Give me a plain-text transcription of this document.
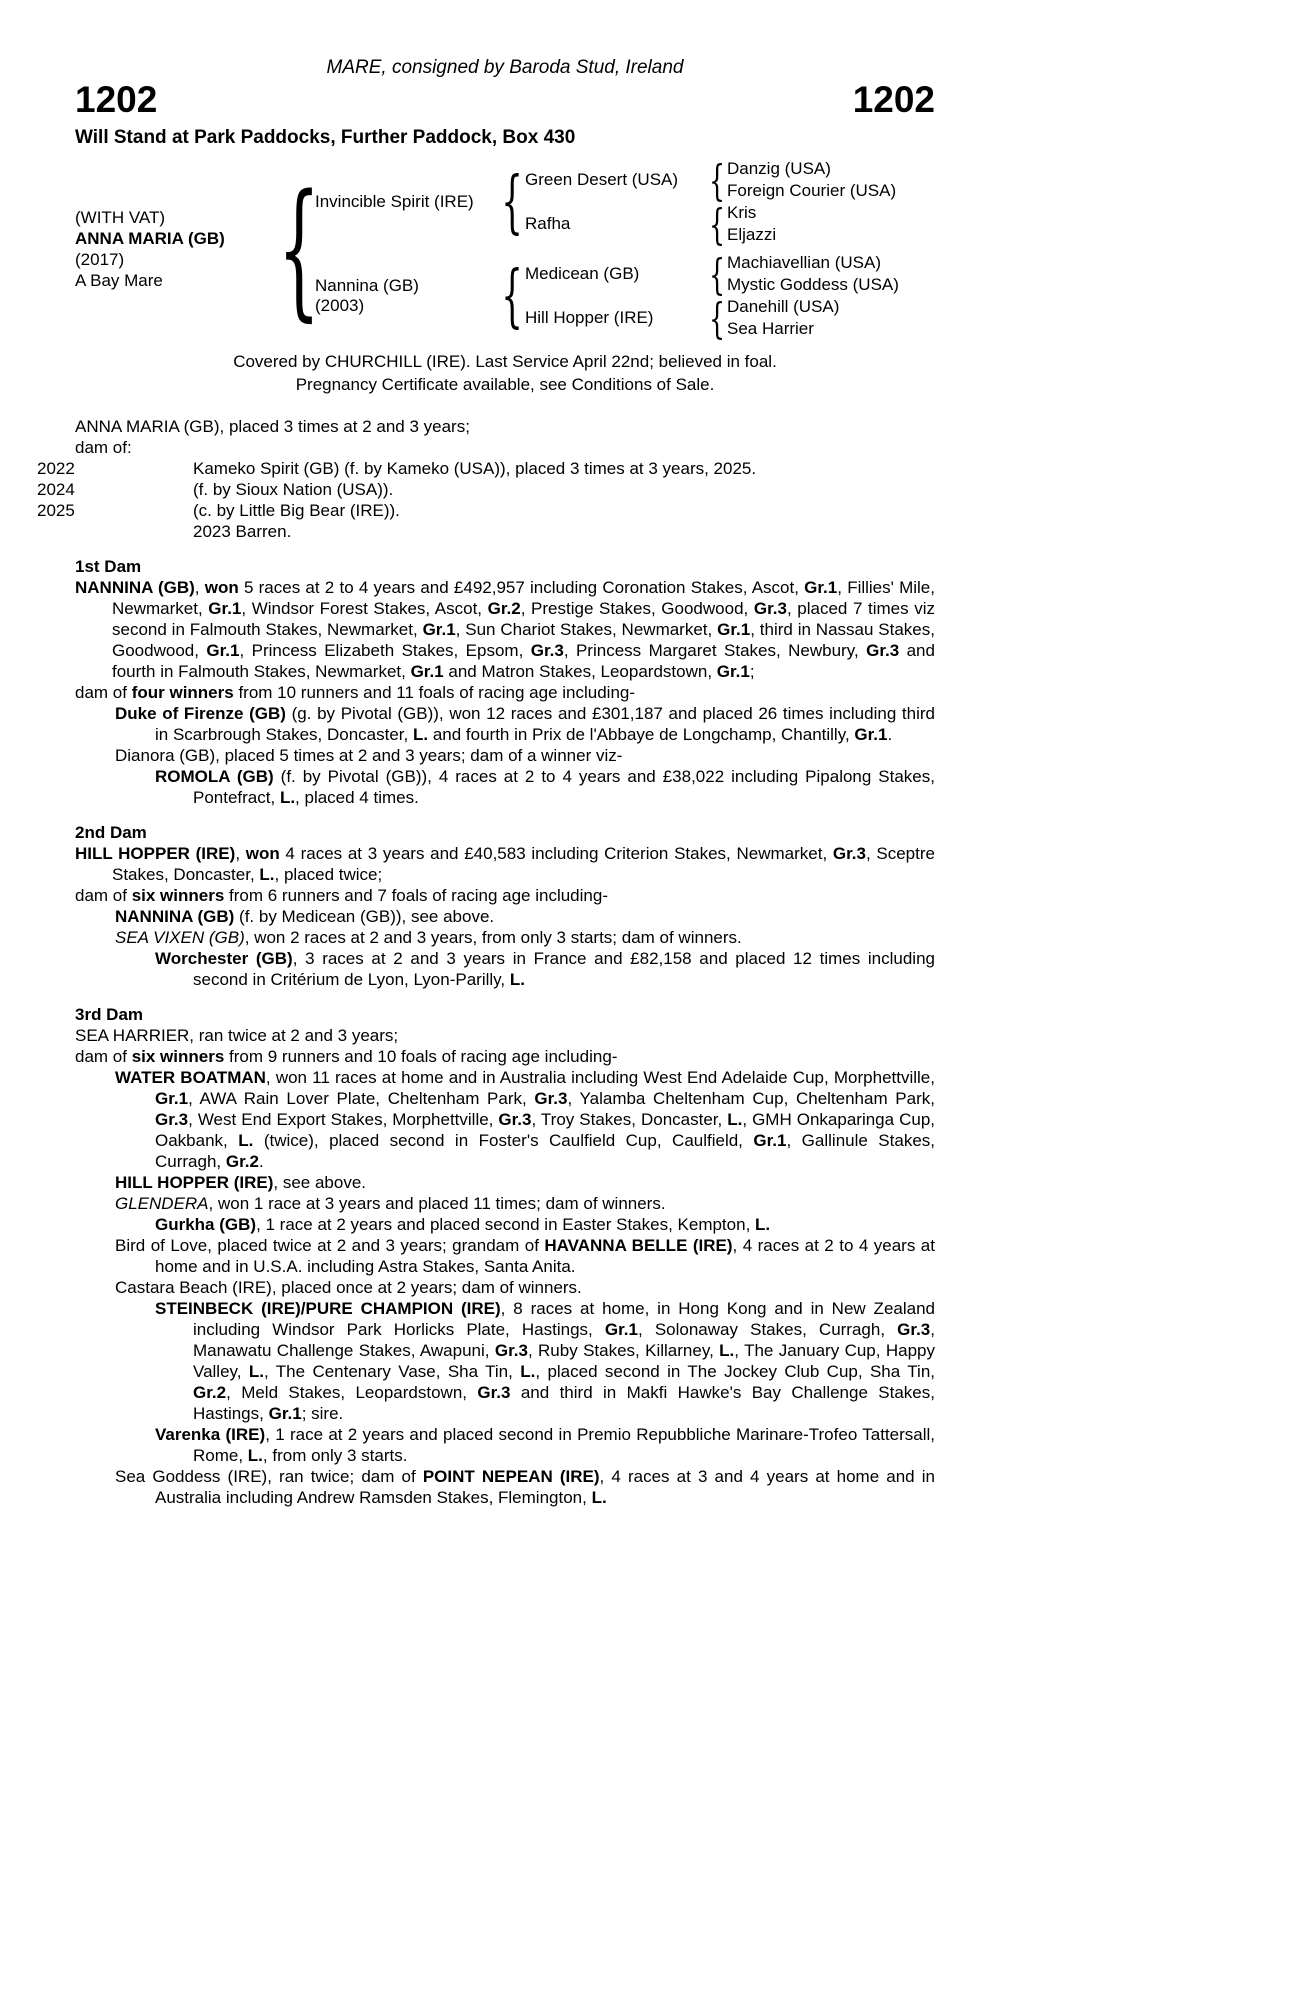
MARE, consigned by Baroda Stud, Ireland
1202	1202
Will Stand at Park Paddocks, Further Paddock, Box 430
(WITH VAT)
ANNA MARIA (GB)
(2017)
A Bay Mare {
Invincible Spirit (IRE) { Green Desert (USA) { Danzig (USA)
Foreign Courier (USA)
Rafha	{ Kris
Eljazzi
Nannina (GB)
(2003)	{ Medicean (GB)	{ Machiavellian (USA)
Mystic Goddess (USA)
Hill Hopper (IRE)	{ Danehill (USA)
Sea Harrier
Covered by CHURCHILL (IRE). Last Service April 22nd; believed in foal.
Pregnancy Certificate available, see Conditions of Sale.
ANNA MARIA (GB), placed 3 times at 2 and 3 years;
dam of:
2022	Kameko Spirit (GB) (f. by Kameko (USA)), placed 3 times at 3 years, 2025.
2024	(f. by Sioux Nation (USA)).
2025	(c. by Little Big Bear (IRE)).
2023 Barren.
1st Dam
NANNINA (GB), won 5 races at 2 to 4 years and £492,957 including Coronation Stakes, Ascot, Gr.1, Fillies' Mile, Newmarket, Gr.1, Windsor Forest Stakes, Ascot, Gr.2, Prestige Stakes, Goodwood, Gr.3, placed 7 times viz second in Falmouth Stakes, Newmarket, Gr.1, Sun Chariot Stakes, Newmarket, Gr.1, third in Nassau Stakes, Goodwood, Gr.1, Princess Elizabeth Stakes, Epsom, Gr.3, Princess Margaret Stakes, Newbury, Gr.3 and fourth in Falmouth Stakes, Newmarket, Gr.1 and Matron Stakes, Leopardstown, Gr.1;
dam of four winners from 10 runners and 11 foals of racing age including-
Duke of Firenze (GB) (g. by Pivotal (GB)), won 12 races and £301,187 and placed 26 times including third in Scarbrough Stakes, Doncaster, L. and fourth in Prix de l'Abbaye de Longchamp, Chantilly, Gr.1.
Dianora (GB), placed 5 times at 2 and 3 years; dam of a winner viz-
ROMOLA (GB) (f. by Pivotal (GB)), 4 races at 2 to 4 years and £38,022 including Pipalong Stakes, Pontefract, L., placed 4 times.
2nd Dam
HILL HOPPER (IRE), won 4 races at 3 years and £40,583 including Criterion Stakes, Newmarket, Gr.3, Sceptre Stakes, Doncaster, L., placed twice;
dam of six winners from 6 runners and 7 foals of racing age including-
NANNINA (GB) (f. by Medicean (GB)), see above.
SEA VIXEN (GB), won 2 races at 2 and 3 years, from only 3 starts; dam of winners.
Worchester (GB), 3 races at 2 and 3 years in France and £82,158 and placed 12 times including second in Critérium de Lyon, Lyon-Parilly, L.
3rd Dam
SEA HARRIER, ran twice at 2 and 3 years;
dam of six winners from 9 runners and 10 foals of racing age including-
WATER BOATMAN, won 11 races at home and in Australia including West End Adelaide Cup, Morphettville, Gr.1, AWA Rain Lover Plate, Cheltenham Park, Gr.3, Yalamba Cheltenham Cup, Cheltenham Park, Gr.3, West End Export Stakes, Morphettville, Gr.3, Troy Stakes, Doncaster, L., GMH Onkaparinga Cup, Oakbank, L. (twice), placed second in Foster's Caulfield Cup, Caulfield, Gr.1, Gallinule Stakes, Curragh, Gr.2.
HILL HOPPER (IRE), see above.
GLENDERA, won 1 race at 3 years and placed 11 times; dam of winners.
Gurkha (GB), 1 race at 2 years and placed second in Easter Stakes, Kempton, L.
Bird of Love, placed twice at 2 and 3 years; grandam of HAVANNA BELLE (IRE), 4 races at 2 to 4 years at home and in U.S.A. including Astra Stakes, Santa Anita.
Castara Beach (IRE), placed once at 2 years; dam of winners.
STEINBECK (IRE)/PURE CHAMPION (IRE), 8 races at home, in Hong Kong and in New Zealand including Windsor Park Horlicks Plate, Hastings, Gr.1, Solonaway Stakes, Curragh, Gr.3, Manawatu Challenge Stakes, Awapuni, Gr.3, Ruby Stakes, Killarney, L., The January Cup, Happy Valley, L., The Centenary Vase, Sha Tin, L., placed second in The Jockey Club Cup, Sha Tin, Gr.2, Meld Stakes, Leopardstown, Gr.3 and third in Makfi Hawke's Bay Challenge Stakes, Hastings, Gr.1; sire.
Varenka (IRE), 1 race at 2 years and placed second in Premio Repubbliche Marinare-Trofeo Tattersall, Rome, L., from only 3 starts.
Sea Goddess (IRE), ran twice; dam of POINT NEPEAN (IRE), 4 races at 3 and 4 years at home and in Australia including Andrew Ramsden Stakes, Flemington, L.
